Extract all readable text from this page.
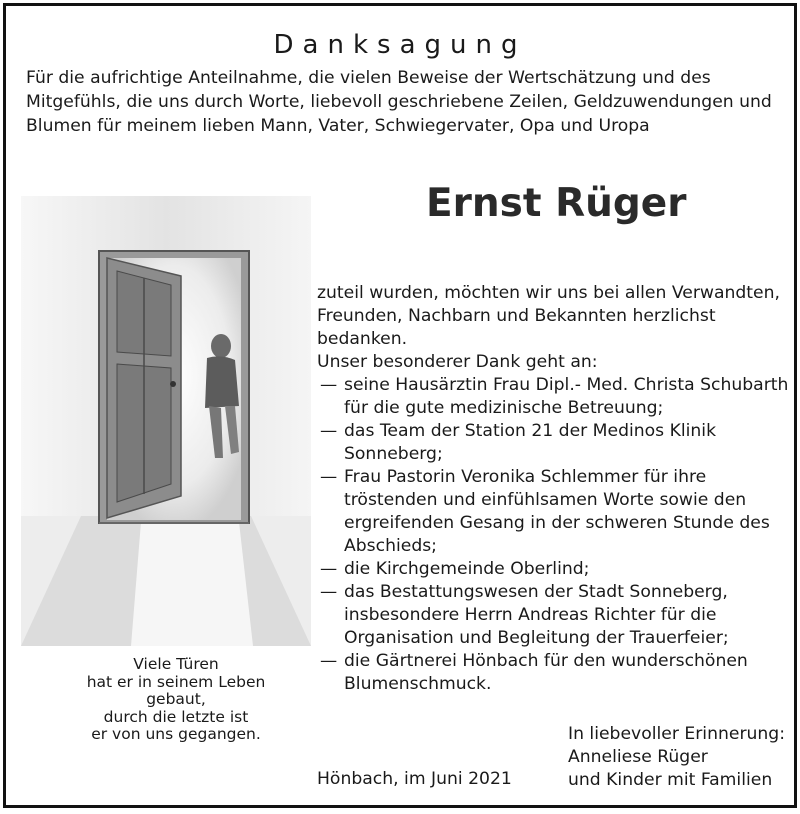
Danksagung
Für die aufrichtige Anteilnahme, die vielen Beweise der Wertschätzung und des
Mitgefühls, die uns durch Worte, liebevoll geschriebene Zeilen, Geldzuwendungen und
Blumen für meinem lieben Mann, Vater, Schwiegervater, Opa und Uropa
Ernst Rüger
Viele Türen
hat er in seinem Leben
gebaut,
durch die letzte ist
er von uns gegangen.
zuteil wurden, möchten wir uns bei allen Verwandten,
Freunden, Nachbarn und Bekannten herzlichst
bedanken.
Unser besonderer Dank geht an:
— seine Hausärztin Frau Dipl.- Med. Christa Schubarth
für die gute medizinische Betreuung;
— das Team der Station 21 der Medinos Klinik
Sonneberg;
— Frau Pastorin Veronika Schlemmer für ihre
tröstenden und einfühlsamen Worte sowie den
ergreifenden Gesang in der schweren Stunde des
Abschieds;
— die Kirchgemeinde Oberlind;
— das Bestattungswesen der Stadt Sonneberg,
insbesondere Herrn Andreas Richter für die
Organisation und Begleitung der Trauerfeier;
— die Gärtnerei Hönbach für den wunderschönen
Blumenschmuck.
Hönbach, im Juni 2021
In liebevoller Erinnerung:
Anneliese Rüger
und Kinder mit Familien
